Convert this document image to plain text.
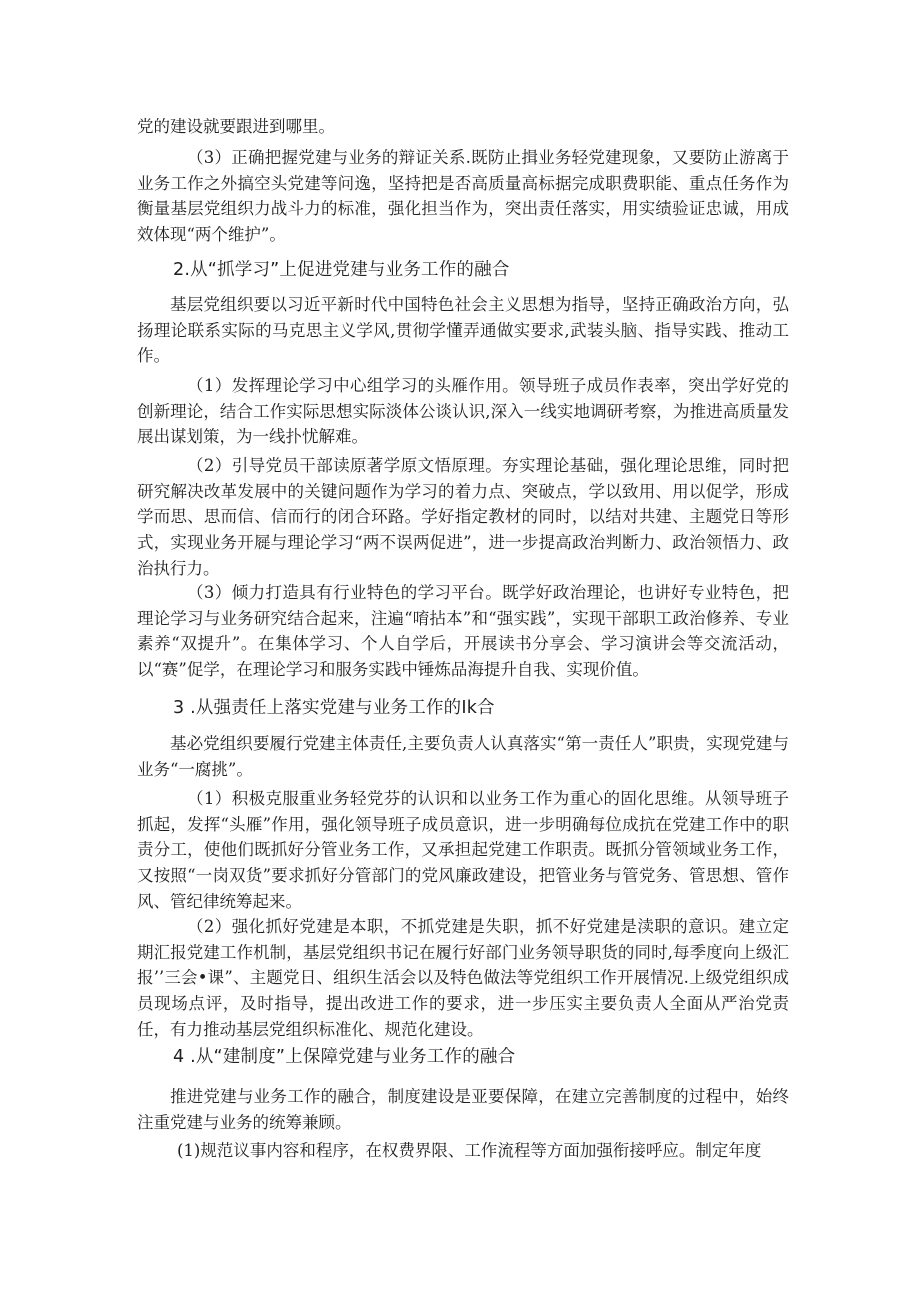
党的建设就要跟进到哪里。

（3）正确把握党建与业务的辩证关系.既防止揖业务轻党建现象，又要防止游离于业务工作之外搞空头党建等问逸，坚持把是否高质量高标据完成职费职能、重点任务作为衡量基层党组织力战斗力的标准，强化担当作为，突出责任落实，用实绩验证忠诚，用成效体现“两个维护”。

2.从“抓学习”上促进党建与业务工作的融合

基层党组织要以习近平新时代中国特色社会主义思想为指导，坚持正确政治方向，弘扬理论联系实际的马克思主义学风,贯彻学懂弄通做实要求,武装头脑、指导实践、推动工作。

（1）发挥理论学习中心组学习的头雁作用。领导班子成员作表率，突出学好党的创新理论，结合工作实际思想实际淡体公谈认识,深入一线实地调研考察，为推进高质量发展出谋划策，为一线扑忧解难。

（2）引导党员干部读原著学原文悟原理。夯实理论基础，强化理论思维，同时把研究解决改革发展中的关键问题作为学习的着力点、突破点，学以致用、用以促学，形成学而思、思而信、信而行的闭合环路。学好指定教材的同时，以结对共建、主题党日等形式，实现业务开屣与理论学习“两不误两促进”，进一步提高政治判断力、政治领悟力、政治执行力。

（3）倾力打造具有行业特色的学习平台。既学好政治理论，也讲好专业特色，把理论学习与业务研究结合起来，注遍“唷拈本”和“强实践”，实现干部职工政治修养、专业素养“双提升”。在集体学习、个人自学后，开展读书分享会、学习演讲会等交流活动，以“赛”促学，在理论学习和服务实践中锤炼品海提升自我、实现价值。

3 .从强责任上落实党建与业务工作的Ik合

基必党组织要履行党建主体责任,主要负责人认真落实“第一责任人”职贵，实现党建与业务“一腐挑”。

（1）积极克服重业务轻党芬的认识和以业务工作为重心的固化思维。从领导班子抓起，发挥“头雁”作用，强化领导班子成员意识，进一步明确每位成抗在党建工作中的职责分工，使他们既抓好分管业务工作，又承担起党建工作职责。既抓分管领域业务工作，又按照“一岗双货”要求抓好分管部门的党风廉政建设，把管业务与管党务、管思想、管作风、管纪律统筹起来。

（2）强化抓好党建是本职，不抓党建是失职，抓不好党建是渎职的意识。建立定期汇报党建工作机制，基层党组织书记在履行好部门业务领导职货的同时,每季度向上级汇报’’三会•课”、主题党日、组织生活会以及特色做法等党组织工作开展情况.上级党组织成员现场点评，及时指导，提出改进工作的要求，进一步压实主要负责人全面从严治党责任，有力推动基层党组织标准化、规范化建设。

4 .从“建制度”上保障党建与业务工作的融合

推进党建与业务工作的融合，制度建设是亚要保障，在建立完善制度的过程中，始终注重党建与业务的统筹兼顾。

(1)规范议事内容和程序，在权费界限、工作流程等方面加强衔接呼应。制定年度
